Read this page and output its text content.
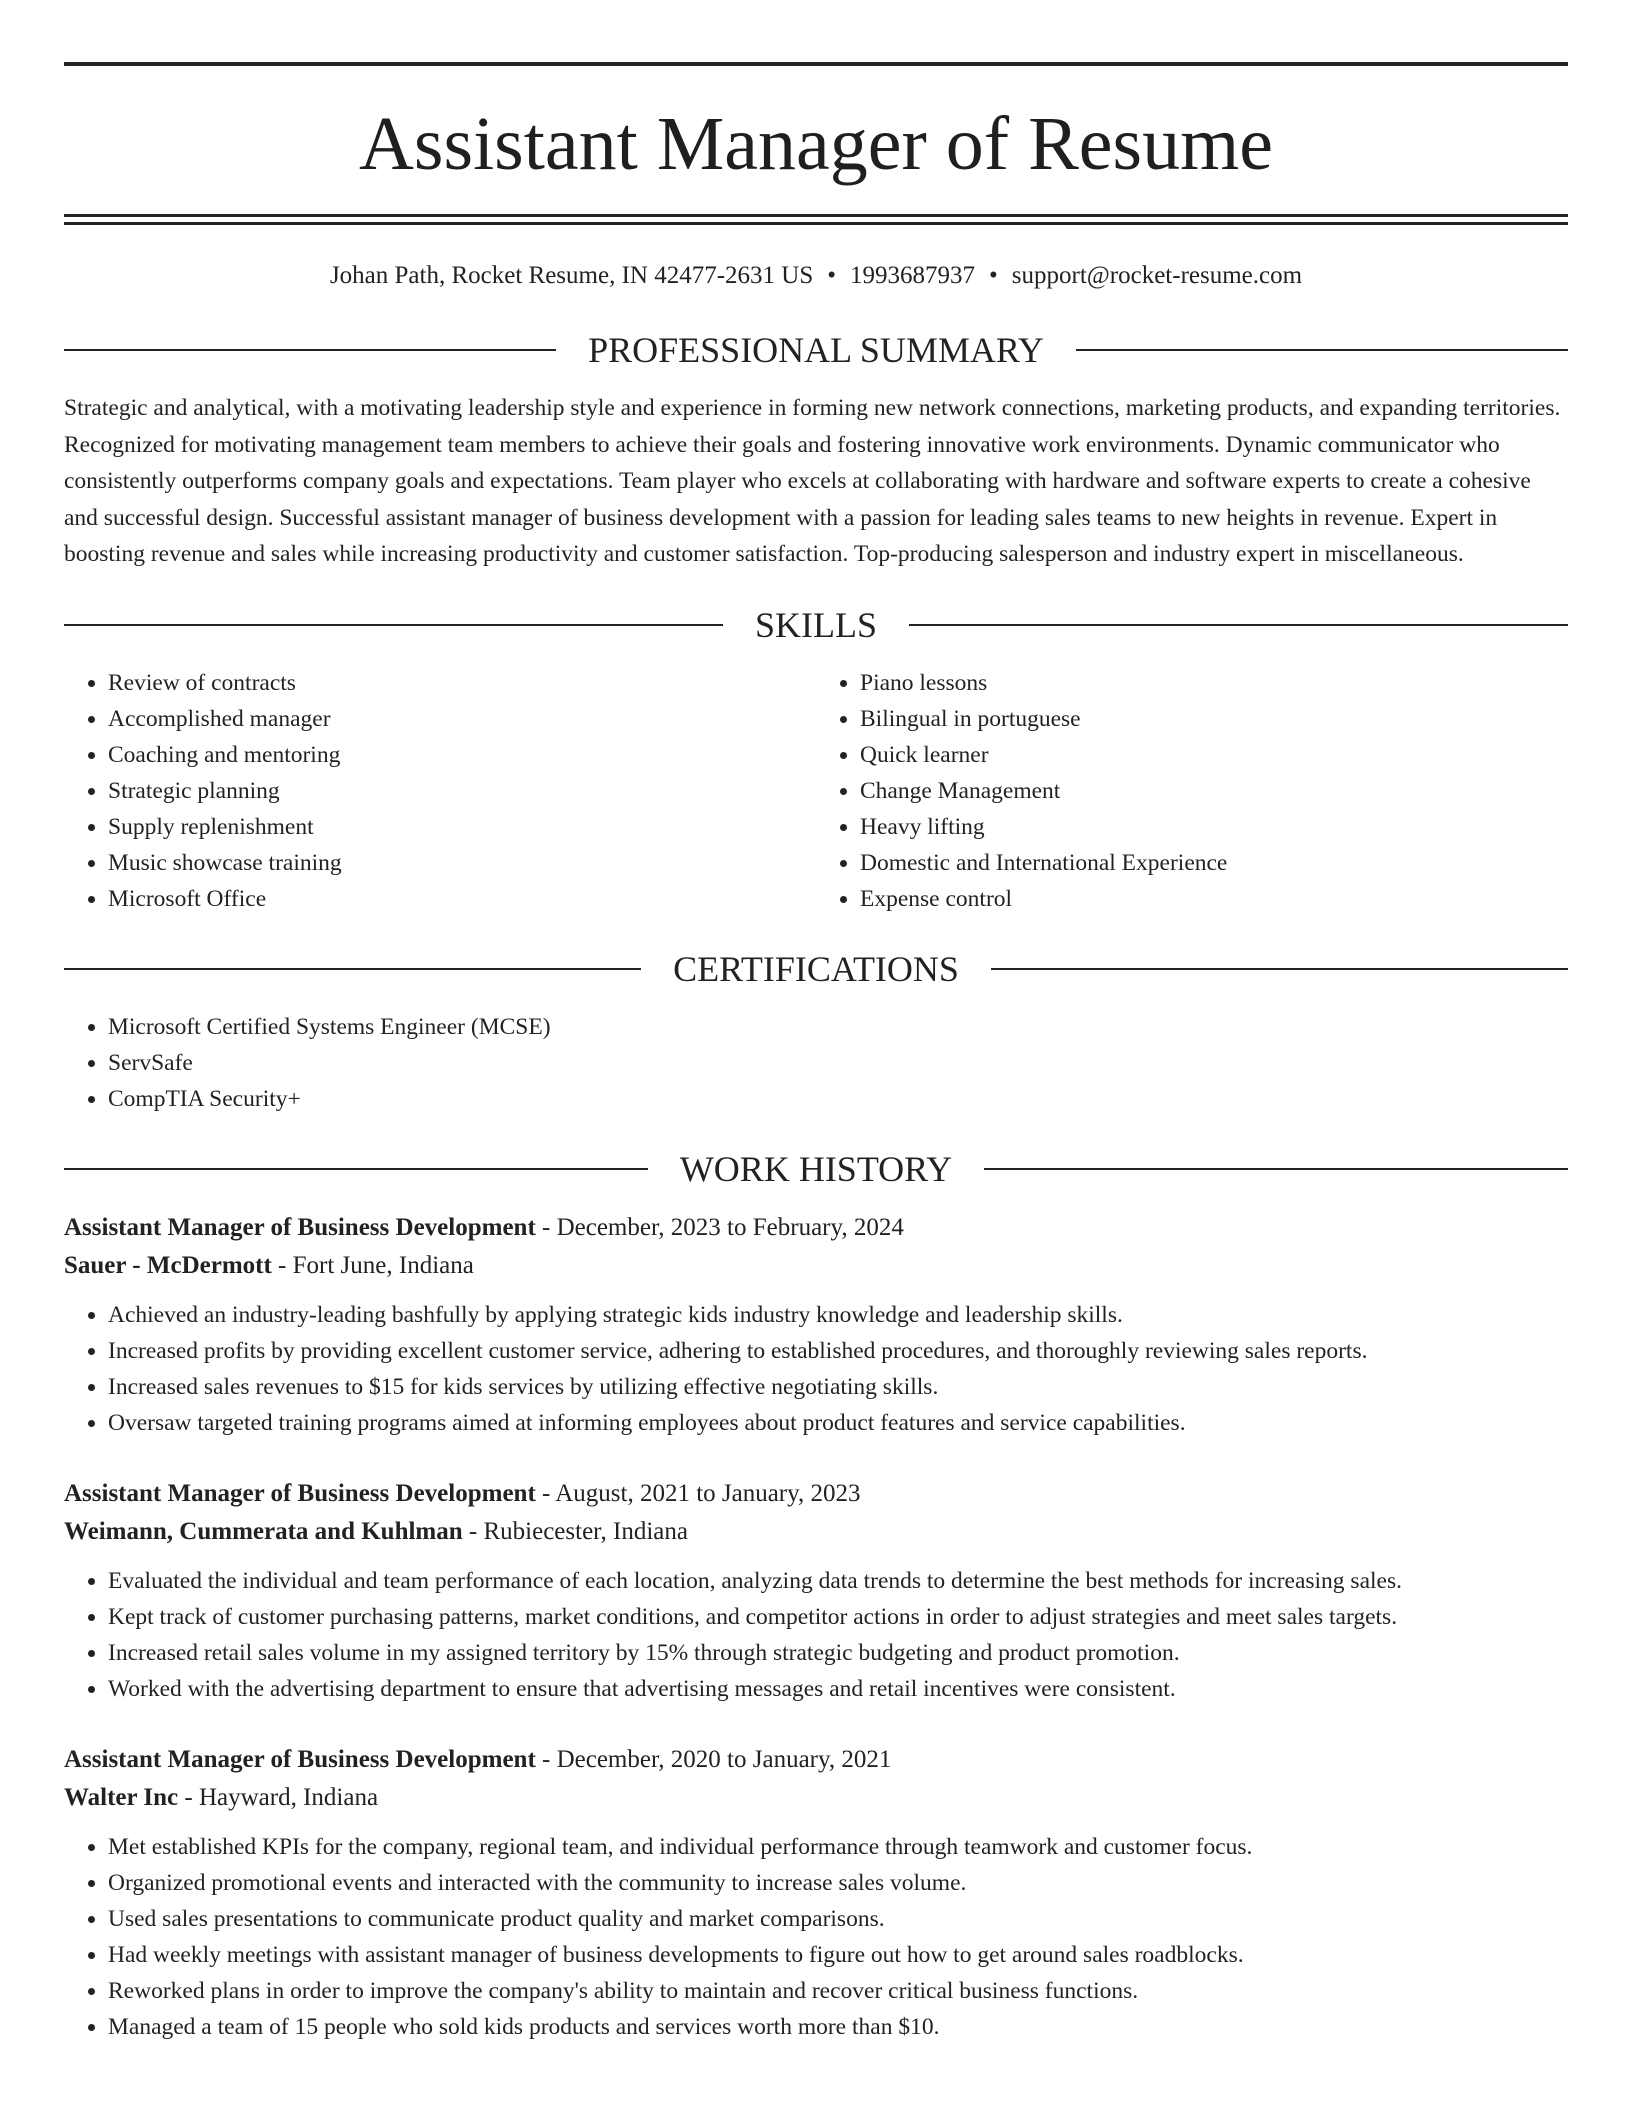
Assistant Manager of Resume
Johan Path, Rocket Resume, IN 42477-2631 US • 1993687937 • support@rocket-resume.com
PROFESSIONAL SUMMARY

Strategic and analytical, with a motivating leadership style and experience in forming new network connections, marketing products, and expanding territories. Recognized for motivating management team members to achieve their goals and fostering innovative work environments. Dynamic communicator who consistently outperforms company goals and expectations. Team player who excels at collaborating with hardware and software experts to create a cohesive and successful design. Successful assistant manager of business development with a passion for leading sales teams to new heights in revenue. Expert in boosting revenue and sales while increasing productivity and customer satisfaction. Top-producing salesperson and industry expert in miscellaneous.

SKILLS
• Review of contracts
• Accomplished manager
• Coaching and mentoring
• Strategic planning
• Supply replenishment
• Music showcase training
• Microsoft Office
• Piano lessons
• Bilingual in portuguese
• Quick learner
• Change Management
• Heavy lifting
• Domestic and International Experience
• Expense control
CERTIFICATIONS
• Microsoft Certified Systems Engineer (MCSE)
• ServSafe
• CompTIA Security+
WORK HISTORY
Assistant Manager of Business Development - December, 2023 to February, 2024
Sauer - McDermott - Fort June, Indiana
• Achieved an industry-leading bashfully by applying strategic kids industry knowledge and leadership skills.
• Increased profits by providing excellent customer service, adhering to established procedures, and thoroughly reviewing sales reports.
• Increased sales revenues to $15 for kids services by utilizing effective negotiating skills.
• Oversaw targeted training programs aimed at informing employees about product features and service capabilities.
Assistant Manager of Business Development - August, 2021 to January, 2023
Weimann, Cummerata and Kuhlman - Rubiecester, Indiana
• Evaluated the individual and team performance of each location, analyzing data trends to determine the best methods for increasing sales.
• Kept track of customer purchasing patterns, market conditions, and competitor actions in order to adjust strategies and meet sales targets.
• Increased retail sales volume in my assigned territory by 15% through strategic budgeting and product promotion.
• Worked with the advertising department to ensure that advertising messages and retail incentives were consistent.
Assistant Manager of Business Development - December, 2020 to January, 2021
Walter Inc - Hayward, Indiana
• Met established KPIs for the company, regional team, and individual performance through teamwork and customer focus.
• Organized promotional events and interacted with the community to increase sales volume.
• Used sales presentations to communicate product quality and market comparisons.
• Had weekly meetings with assistant manager of business developments to figure out how to get around sales roadblocks.
• Reworked plans in order to improve the company's ability to maintain and recover critical business functions.
• Managed a team of 15 people who sold kids products and services worth more than $10.
